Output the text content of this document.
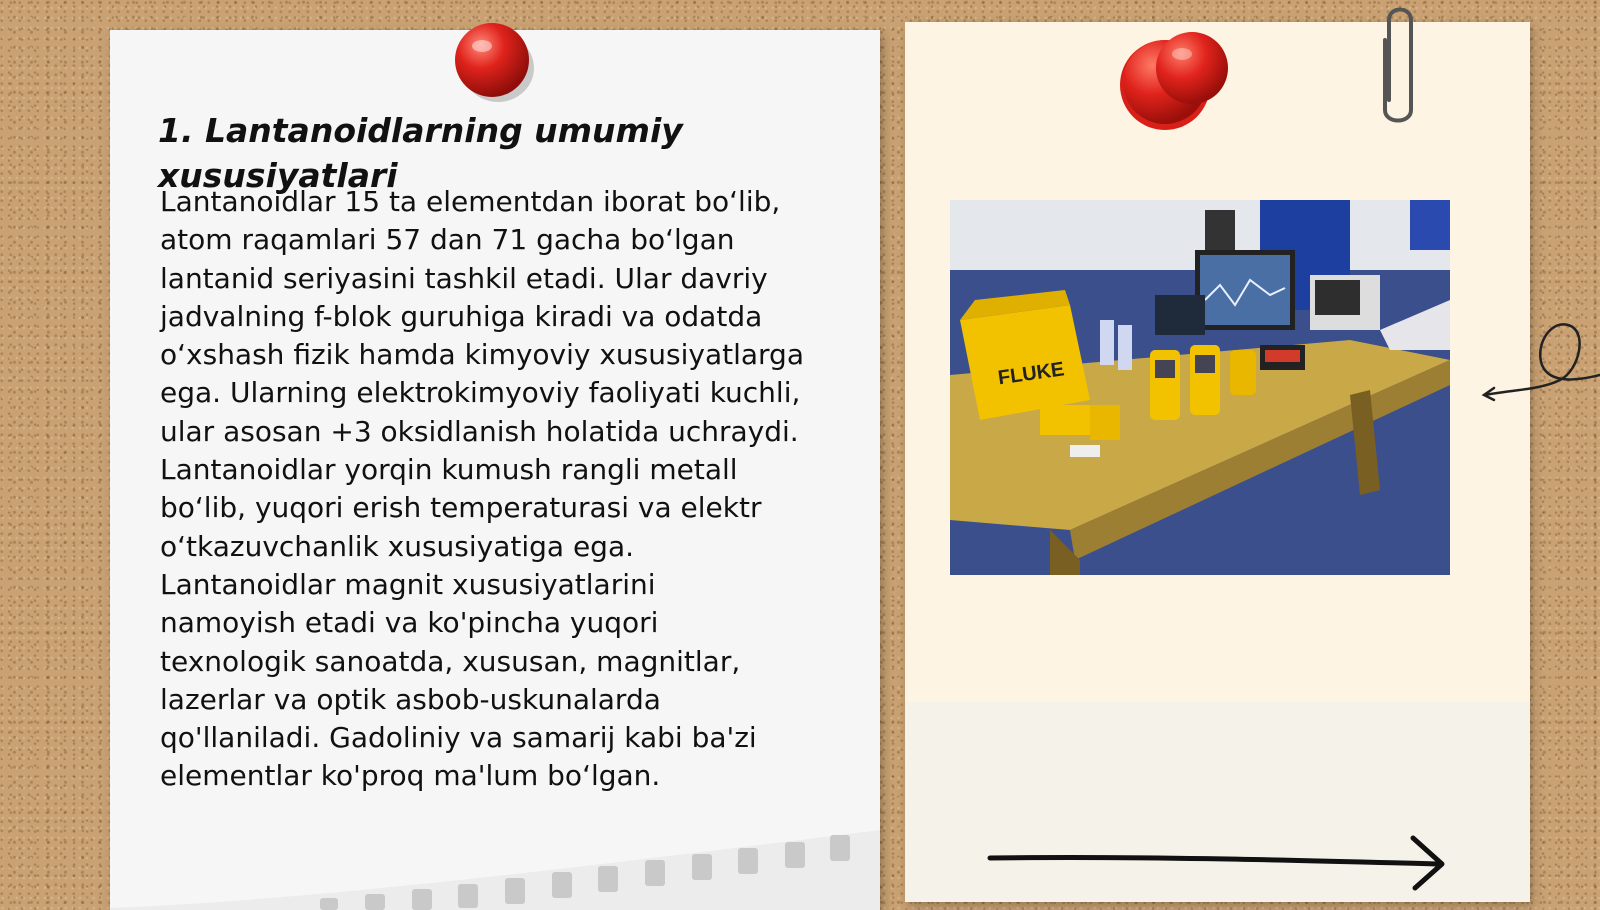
1. Lantanoidlarning umumiy xususiyatlari

Lantanoidlar 15 ta elementdan iborat bo‘lib,
atom raqamlari 57 dan 71 gacha bo‘lgan
lantanid seriyasini tashkil etadi. Ular davriy
jadvalning f-blok guruhiga kiradi va odatda
o‘xshash fizik hamda kimyoviy xususiyatlarga
ega. Ularning elektrokimyoviy faoliyati kuchli,
ular asosan +3 oksidlanish holatida uchraydi.
Lantanoidlar yorqin kumush rangli metall
bo‘lib, yuqori erish temperaturasi va elektr
o‘tkazuvchanlik xususiyatiga ega.
Lantanoidlar magnit xususiyatlarini
namoyish etadi va ko'pincha yuqori
texnologik sanoatda, xususan, magnitlar,
lazerlar va optik asbob-uskunalarda
qo'llaniladi. Gadoliniy va samarij kabi ba'zi
elementlar ko'proq ma'lum bo‘lgan.

FLUKE
